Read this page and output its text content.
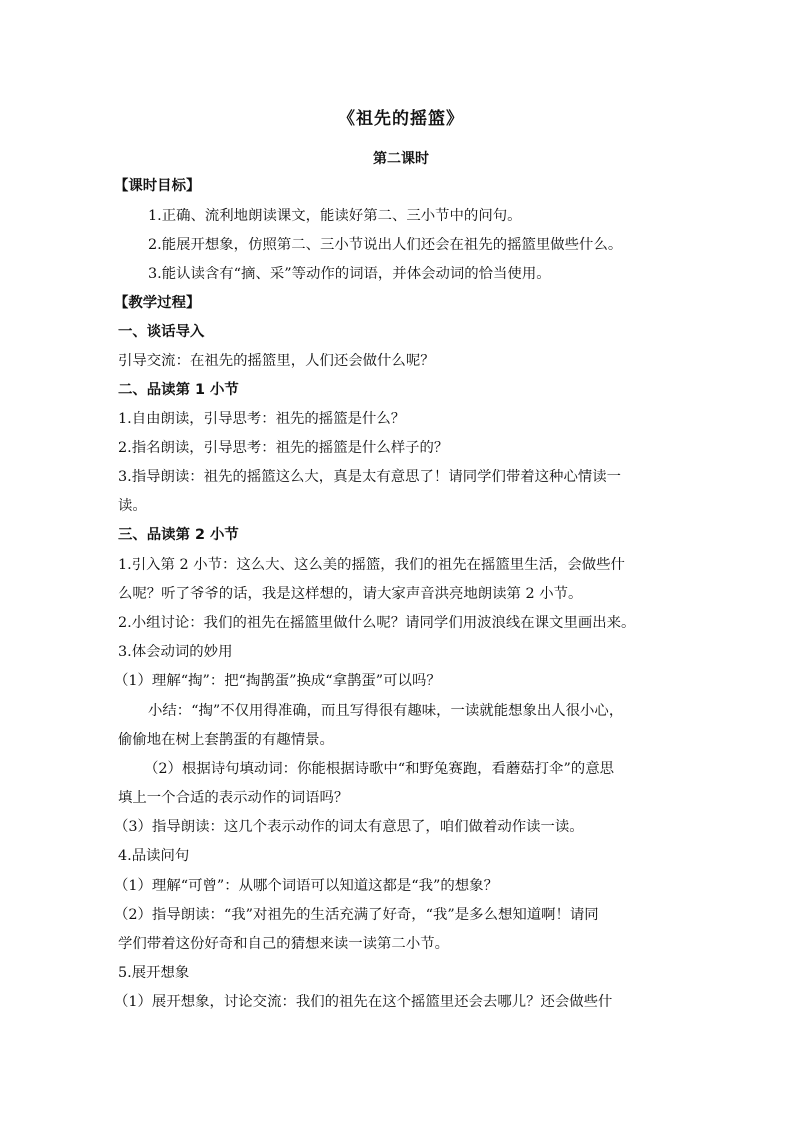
《祖先的摇篮》
第二课时
【课时目标】
1.正确、流利地朗读课文，能读好第二、三小节中的问句。
2.能展开想象，仿照第二、三小节说出人们还会在祖先的摇篮里做些什么。
3.能认读含有“摘、采”等动作的词语，并体会动词的恰当使用。
【教学过程】
一、谈话导入
引导交流：在祖先的摇篮里，人们还会做什么呢？
二、品读第 1 小节
1.自由朗读，引导思考：祖先的摇篮是什么？
2.指名朗读，引导思考：祖先的摇篮是什么样子的？
3.指导朗读：祖先的摇篮这么大，真是太有意思了！请同学们带着这种心情读一
读。
三、品读第 2 小节
1.引入第 2 小节：这么大、这么美的摇篮，我们的祖先在摇篮里生活，会做些什
么呢？听了爷爷的话，我是这样想的，请大家声音洪亮地朗读第 2 小节。
2.小组讨论：我们的祖先在摇篮里做什么呢？请同学们用波浪线在课文里画出来。
3.体会动词的妙用
（1）理解“掏”：把“掏鹊蛋”换成“拿鹊蛋”可以吗？
小结：“掏”不仅用得准确，而且写得很有趣味，一读就能想象出人很小心，
偷偷地在树上套鹊蛋的有趣情景。
（2）根据诗句填动词：你能根据诗歌中“和野兔赛跑，看蘑菇打伞”的意思
填上一个合适的表示动作的词语吗？
（3）指导朗读：这几个表示动作的词太有意思了，咱们做着动作读一读。
4.品读问句
（1）理解“可曾”：从哪个词语可以知道这都是“我”的想象？
（2）指导朗读：“我”对祖先的生活充满了好奇，“我”是多么想知道啊！请同
学们带着这份好奇和自己的猜想来读一读第二小节。
5.展开想象
（1）展开想象，讨论交流：我们的祖先在这个摇篮里还会去哪儿？还会做些什
